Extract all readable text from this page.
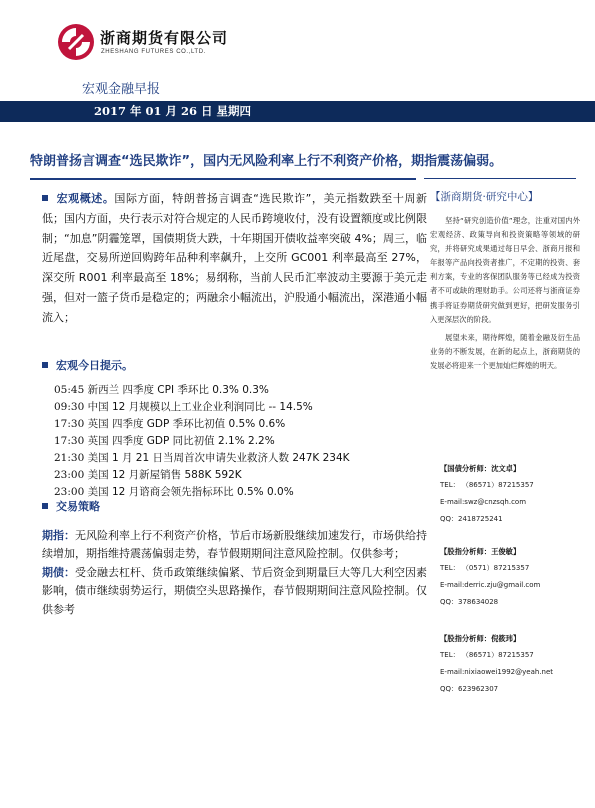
浙商期货有限公司
ZHESHANG FUTURES CO.,LTD.
宏观金融早报
2017 年 01 月 26 日 星期四
特朗普扬言调查“选民欺诈”，国内无风险利率上行不利资产价格，期指震荡偏弱。

宏观概述。国际方面，特朗普扬言调查“选民欺诈”，美元指数跌至十周新低；国内方面，央行表示对符合规定的人民币跨境收付，没有设置额度或比例限制；“加息”阴霾笼罩，国债期货大跌，十年期国开债收益率突破 4%；周三，临近尾盘，交易所逆回购跨年品种利率飙升，上交所 GC001 利率最高至 27%，深交所 R001 利率最高至 18%；易纲称，当前人民币汇率波动主要源于美元走强，但对一篮子货币是稳定的；两融余小幅流出，沪股通小幅流出，深港通小幅流入；

宏观今日提示。

05:45 新西兰 四季度 CPI 季环比 0.3% 0.3%
09:30 中国 12 月规模以上工业企业利润同比 -- 14.5%
17:30 英国 四季度 GDP 季环比初值 0.5% 0.6%
17:30 英国 四季度 GDP 同比初值 2.1% 2.2%
21:30 美国 1 月 21 日当周首次申请失业救济人数 247K 234K
23:00 美国 12 月新屋销售 588K 592K
23:00 美国 12 月谘商会领先指标环比 0.5% 0.0%

交易策略

期指：无风险利率上行不利资产价格，节后市场新股继续加速发行，市场供给持续增加，期指维持震荡偏弱走势，春节假期期间注意风险控制。仅供参考；

期债：受金融去杠杆、货币政策继续偏紧、节后资金到期量巨大等几大利空因素影响，债市继续弱势运行，期债空头思路操作，春节假期期间注意风险控制。仅供参考

【浙商期货·研究中心】

坚持“研究创造价值”理念，注重对国内外宏观经济、政策导向和投资策略等领域的研究，并将研究成果通过每日早会、浙商月报和年报等产品向投资者推广，不定期的投资、套利方案，专业的客保团队服务等已经成为投资者不可或缺的理财助手。公司还将与浙商证券携手将证券期货研究做到更好，把研发服务引入更深层次的阶段。

展望未来，期待辉煌，随着金融及衍生品业务的不断发展，在新的起点上，浙商期货的发展必将迎来一个更加灿烂辉煌的明天。

【国债分析师：沈文卓】
TEL： （86571）87215357
E-mail:swz@cnzsqh.com
QQ：2418725241
【股指分析师：王俊敏】
TEL： （0571）87215357
E-mail:derric.zju@gmail.com
QQ：378634028
【股指分析师：倪筱玮】
TEL： （86571）87215357
E-mail:nixiaowei1992@yeah.net
QQ：623962307
